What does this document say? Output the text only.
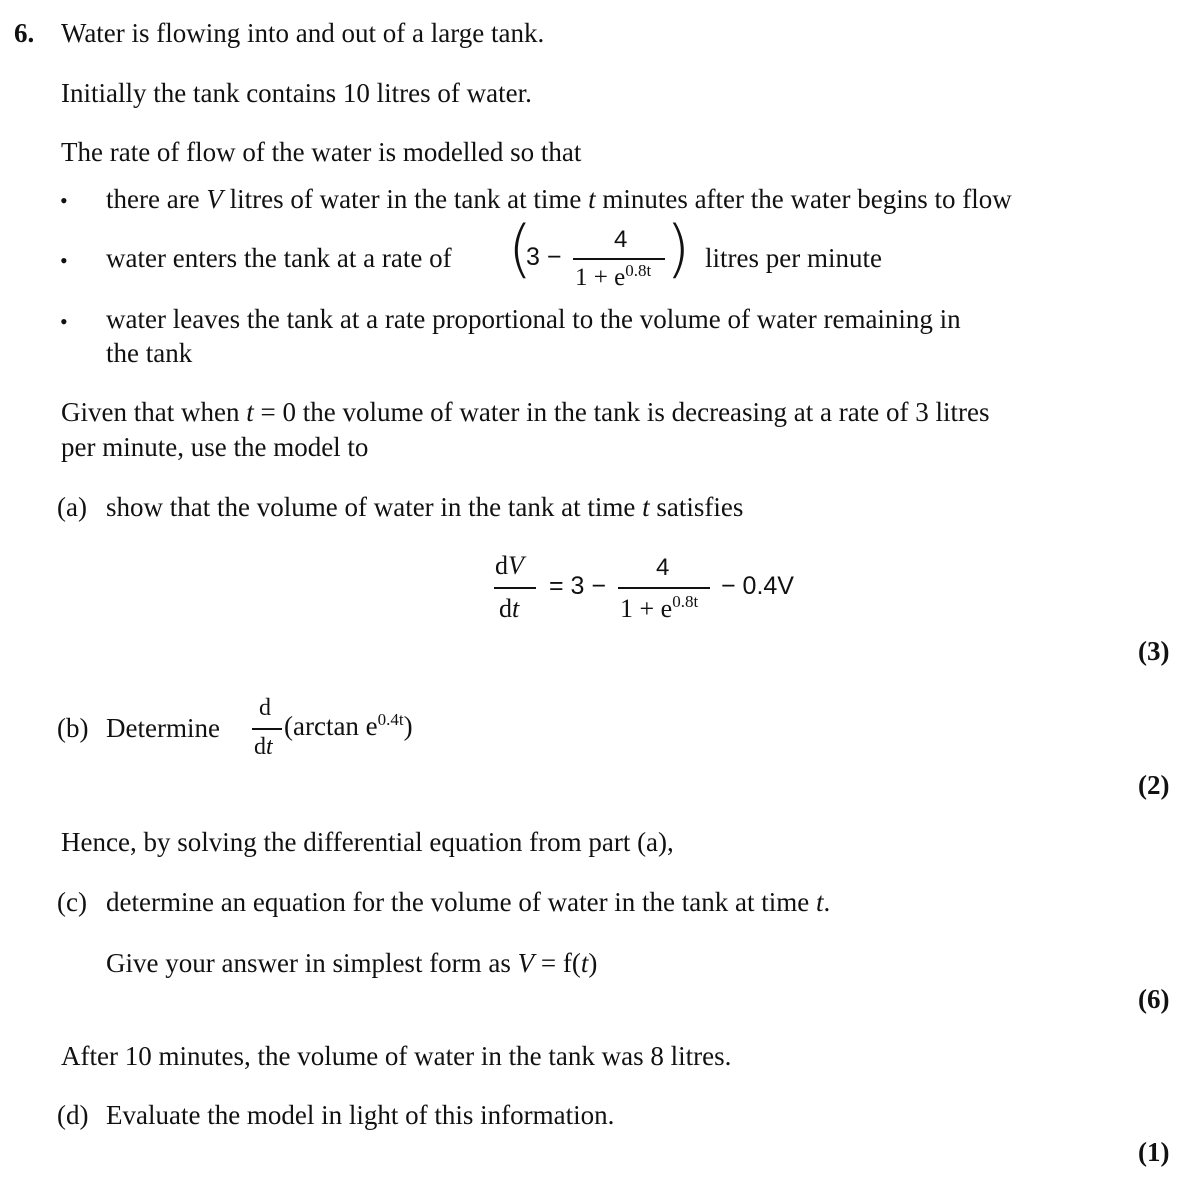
6. Water is flowing into and out of a large tank.
Initially the tank contains 10 litres of water.
The rate of flow of the water is modelled so that
• there are V litres of water in the tank at time t minutes after the water begins to flow
• water enters the tank at a rate of (
3 −
4
$1 + e^{0.8t}$ ) litres per minute
• water leaves the tank at a rate proportional to the volume of water remaining in
the tank
Given that when t = 0 the volume of water in the tank is decreasing at a rate of 3 litres
per minute, use the model to
(a) show that the volume of water in the tank at time t satisfies
dV
dt
= 3 −
4
$1 + e^{0.8t}$
− 0.4V
(3)
(b) Determine
d
dt
(arctan $e^{0.4t}$)
(2)
Hence, by solving the differential equation from part (a),
(c) determine an equation for the volume of water in the tank at time t.
Give your answer in simplest form as V = f(t)
(6)
After 10 minutes, the volume of water in the tank was 8 litres.
(d) Evaluate the model in light of this information.
(1)
